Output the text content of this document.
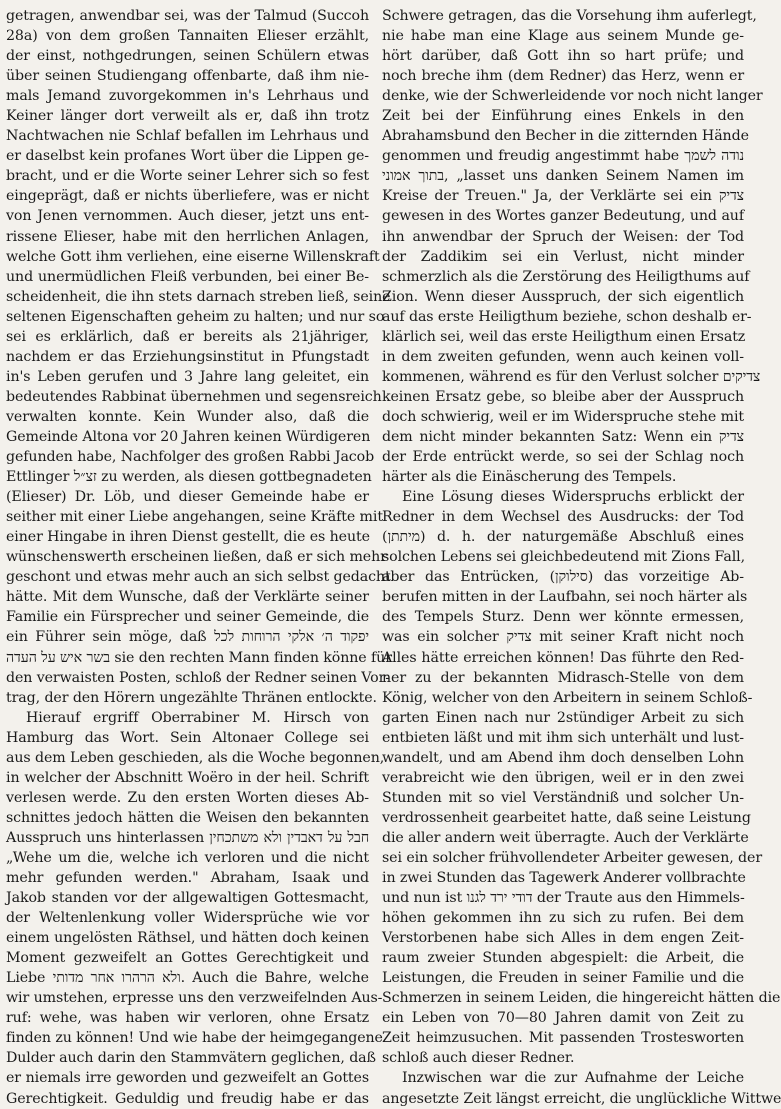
getragen, anwendbar sei, was der Talmud (Succoh
28a) von dem großen Tannaiten Elieser erzählt,
der einst, nothgedrungen, seinen Schülern etwas
über seinen Studiengang offenbarte, daß ihm nie-
mals Jemand zuvorgekommen in's Lehrhaus und
Keiner länger dort verweilt als er, daß ihn trotz
Nachtwachen nie Schlaf befallen im Lehrhaus und
er daselbst kein profanes Wort über die Lippen ge-
bracht, und er die Worte seiner Lehrer sich so fest
eingeprägt, daß er nichts überliefere, was er nicht
von Jenen vernommen. Auch dieser, jetzt uns ent-
rissene Elieser, habe mit den herrlichen Anlagen,
welche Gott ihm verliehen, eine eiserne Willenskraft
und unermüdlichen Fleiß verbunden, bei einer Be-
scheidenheit, die ihn stets darnach streben ließ, seine
seltenen Eigenschaften geheim zu halten; und nur so
sei es erklärlich, daß er bereits als 21jähriger,
nachdem er das Erziehungsinstitut in Pfungstadt
in's Leben gerufen und 3 Jahre lang geleitet, ein
bedeutendes Rabbinat übernehmen und segensreich
verwalten konnte. Kein Wunder also, daß die
Gemeinde Altona vor 20 Jahren keinen Würdigeren
gefunden habe, Nachfolger des großen Rabbi Jacob
Ettlinger זצ״ל zu werden, als diesen gottbegnadeten
(Elieser) Dr. Löb, und dieser Gemeinde habe er
seither mit einer Liebe angehangen, seine Kräfte mit
einer Hingabe in ihren Dienst gestellt, die es heute
wünschenswerth erscheinen ließen, daß er sich mehr
geschont und etwas mehr auch an sich selbst gedacht
hätte. Mit dem Wunsche, daß der Verklärte seiner
Familie ein Fürsprecher und seiner Gemeinde, die
ein Führer sein möge, daß יפקוד ה׳ אלקי הרוחות לכל
בשר איש על העדה sie den rechten Mann finden könne für
den verwaisten Posten, schloß der Redner seinen Vor-
trag, der den Hörern ungezählte Thränen entlockte.
Hierauf ergriff Oberrabiner M. Hirsch von
Hamburg das Wort. Sein Altonaer College sei
aus dem Leben geschieden, als die Woche begonnen,
in welcher der Abschnitt Woëro in der heil. Schrift
verlesen werde. Zu den ersten Worten dieses Ab-
schnittes jedoch hätten die Weisen den bekannten
Ausspruch uns hinterlassen חבל על דאבדין ולא משתכחין
„Wehe um die, welche ich verloren und die nicht
mehr gefunden werden." Abraham, Isaak und
Jakob standen vor der allgewaltigen Gottesmacht,
der Weltenlenkung voller Widersprüche wie vor
einem ungelösten Räthsel, und hätten doch keinen
Moment gezweifelt an Gottes Gerechtigkeit und
Liebe ולא הרהרו אחר מדותי. Auch die Bahre, welche
wir umstehen, erpresse uns den verzweifelnden Aus-
ruf: wehe, was haben wir verloren, ohne Ersatz
finden zu können! Und wie habe der heimgegangene
Dulder auch darin den Stammvätern geglichen, daß
er niemals irre geworden und gezweifelt an Gottes
Gerechtigkeit. Geduldig und freudig habe er das
Schwere getragen, das die Vorsehung ihm auferlegt,
nie habe man eine Klage aus seinem Munde ge-
hört darüber, daß Gott ihn so hart prüfe; und
noch breche ihm (dem Redner) das Herz, wenn er
denke, wie der Schwerleidende vor noch nicht langer
Zeit bei der Einführung eines Enkels in den
Abrahamsbund den Becher in die zitternden Hände
genommen und freudig angestimmt habe נודה לשמך
בתוך אמוני, „lasset uns danken Seinem Namen im
Kreise der Treuen." Ja, der Verklärte sei ein צדיק
gewesen in des Wortes ganzer Bedeutung, und auf
ihn anwendbar der Spruch der Weisen: der Tod
der Zaddikim sei ein Verlust, nicht minder
schmerzlich als die Zerstörung des Heiligthums auf
Zion. Wenn dieser Ausspruch, der sich eigentlich
auf das erste Heiligthum beziehe, schon deshalb er-
klärlich sei, weil das erste Heiligthum einen Ersatz
in dem zweiten gefunden, wenn auch keinen voll-
kommenen, während es für den Verlust solcher צדיקים
keinen Ersatz gebe, so bleibe aber der Ausspruch
doch schwierig, weil er im Widerspruche stehe mit
dem nicht minder bekannten Satz: Wenn ein צדיק
der Erde entrückt werde, so sei der Schlag noch
härter als die Einäscherung des Tempels.
Eine Lösung dieses Widerspruchs erblickt der
Redner in dem Wechsel des Ausdrucks: der Tod
(מיתתן) d. h. der naturgemäße Abschluß eines
solchen Lebens sei gleichbedeutend mit Zions Fall,
aber das Entrücken, (סילוקן) das vorzeitige Ab-
berufen mitten in der Laufbahn, sei noch härter als
des Tempels Sturz. Denn wer könnte ermessen,
was ein solcher צדיק mit seiner Kraft nicht noch
Alles hätte erreichen können! Das führte den Red-
ner zu der bekannten Midrasch-Stelle von dem
König, welcher von den Arbeitern in seinem Schloß-
garten Einen nach nur 2stündiger Arbeit zu sich
entbieten läßt und mit ihm sich unterhält und lust-
wandelt, und am Abend ihm doch denselben Lohn
verabreicht wie den übrigen, weil er in den zwei
Stunden mit so viel Verständniß und solcher Un-
verdrossenheit gearbeitet hatte, daß seine Leistung
die aller andern weit überragte. Auch der Verklärte
sei ein solcher frühvollendeter Arbeiter gewesen, der
in zwei Stunden das Tagewerk Anderer vollbrachte
und nun ist דודי ירד לגנו der Traute aus den Himmels-
höhen gekommen ihn zu sich zu rufen. Bei dem
Verstorbenen habe sich Alles in dem engen Zeit-
raum zweier Stunden abgespielt: die Arbeit, die
Leistungen, die Freuden in seiner Familie und die
Schmerzen in seinem Leiden, die hingereicht hätten die
ein Leben von 70—80 Jahren damit von Zeit zu
Zeit heimzusuchen. Mit passenden Trostesworten
schloß auch dieser Redner.
Inzwischen war die zur Aufnahme der Leiche
angesetzte Zeit längst erreicht, die unglückliche Wittwe
